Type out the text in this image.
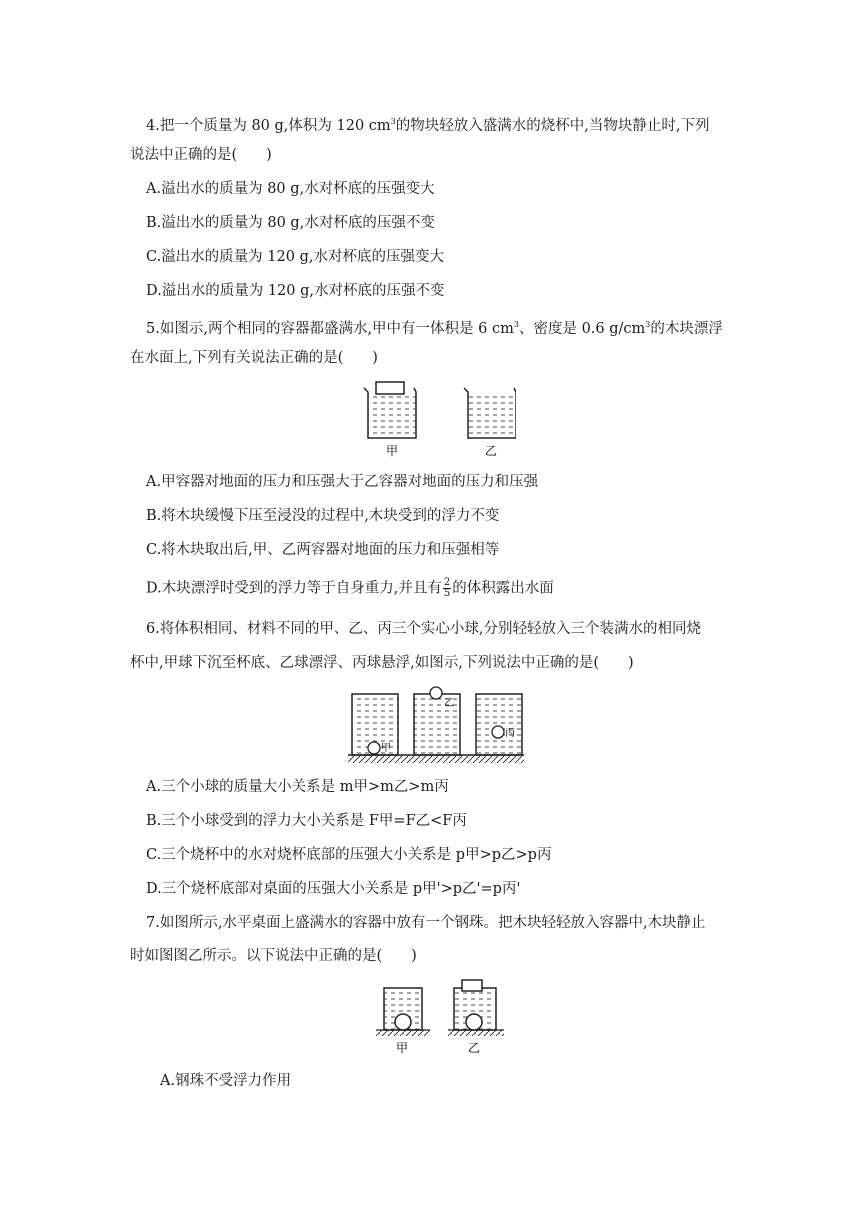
4.把一个质量为 80 g,体积为 120 $cm^3$的物块轻放入盛满水的烧杯中,当物块静止时,下列
说法中正确的是(　　)
A.溢出水的质量为 80 g,水对杯底的压强变大
B.溢出水的质量为 80 g,水对杯底的压强不变
C.溢出水的质量为 120 g,水对杯底的压强变大
D.溢出水的质量为 120 g,水对杯底的压强不变
5.如图示,两个相同的容器都盛满水,甲中有一体积是 6 $cm^3$、密度是 0.6 $g/cm^3$的木块漂浮
在水面上,下列有关说法正确的是(　　)
甲	乙
A.甲容器对地面的压力和压强大于乙容器对地面的压力和压强
B.将木块缓慢下压至浸没的过程中,木块受到的浮力不变
C.将木块取出后,甲、乙两容器对地面的压力和压强相等
D.木块漂浮时受到的浮力等于自身重力,并且有 $\frac{2}{5}$ 的体积露出水面
6.将体积相同、材料不同的甲、乙、丙三个实心小球,分别轻轻放入三个装满水的相同烧
杯中,甲球下沉至杯底、乙球漂浮、丙球悬浮,如图示,下列说法中正确的是(　　)
甲
乙
丙
A.三个小球的质量大小关系是 m甲>m乙>m丙
B.三个小球受到的浮力大小关系是 F甲=F乙<F丙
C.三个烧杯中的水对烧杯底部的压强大小关系是 p甲>p乙>p丙
D.三个烧杯底部对桌面的压强大小关系是 p甲'>p乙'=p丙'
7.如图所示,水平桌面上盛满水的容器中放有一个钢珠。把木块轻轻放入容器中,木块静止
时如图图乙所示。以下说法中正确的是(　　)
甲	乙
A.钢珠不受浮力作用
